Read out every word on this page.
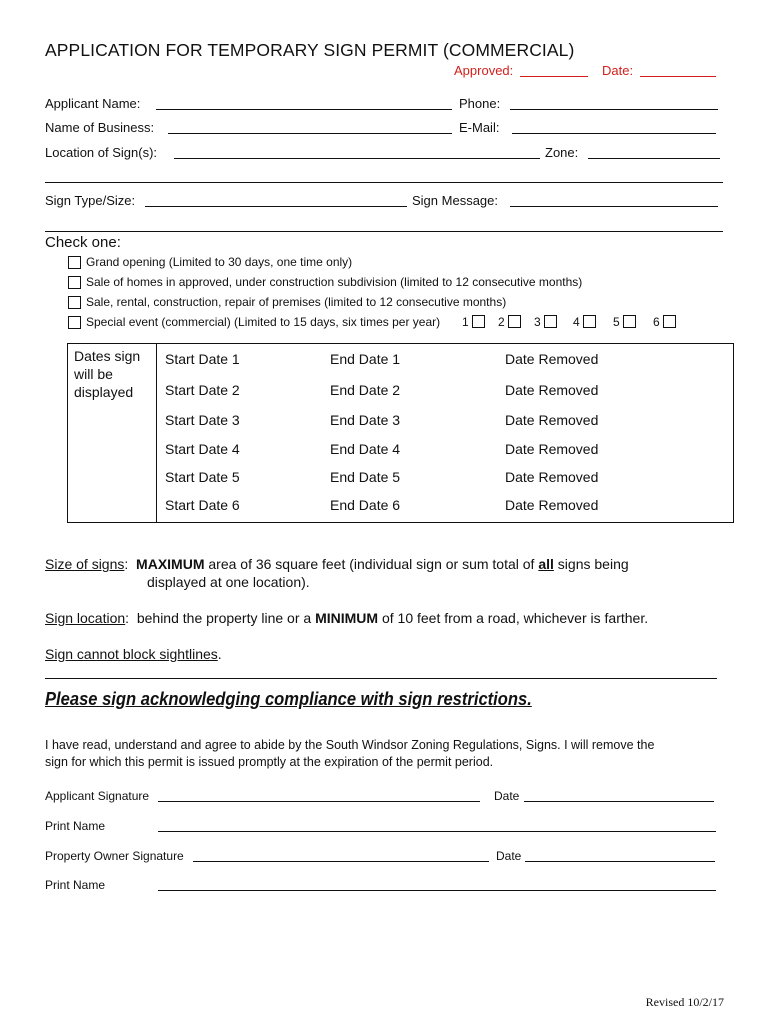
APPLICATION FOR TEMPORARY SIGN PERMIT (COMMERCIAL)
Approved:	Date:
Applicant Name:	Phone:
Name of Business:	E-Mail:
Location of Sign(s):	Zone:
Sign Type/Size:	Sign Message:
Check one:
Grand opening (Limited to 30 days, one time only)
Sale of homes in approved, under construction subdivision (limited to 12 consecutive months)
Sale, rental, construction, repair of premises (limited to 12 consecutive months)
Special event (commercial) (Limited to 15 days, six times per year) 1	2	3	4	5	6
Dates sign will be displayed
Start Date 1	End Date 1	Date Removed
Start Date 2	End Date 2	Date Removed
Start Date 3	End Date 3	Date Removed
Start Date 4	End Date 4	Date Removed
Start Date 5	End Date 5	Date Removed
Start Date 6	End Date 6	Date Removed
Size of signs:  MAXIMUM area of 36 square feet (individual sign or sum total of all signs being
displayed at one location).
Sign location:  behind the property line or a MINIMUM of 10 feet from a road, whichever is farther.
Sign cannot block sightlines.
Please sign acknowledging compliance with sign restrictions.
I have read, understand and agree to abide by the South Windsor Zoning Regulations, Signs. I will remove the
sign for which this permit is issued promptly at the expiration of the permit period.
Applicant Signature	Date
Print Name
Property Owner Signature	Date
Print Name
Revised 10/2/17
